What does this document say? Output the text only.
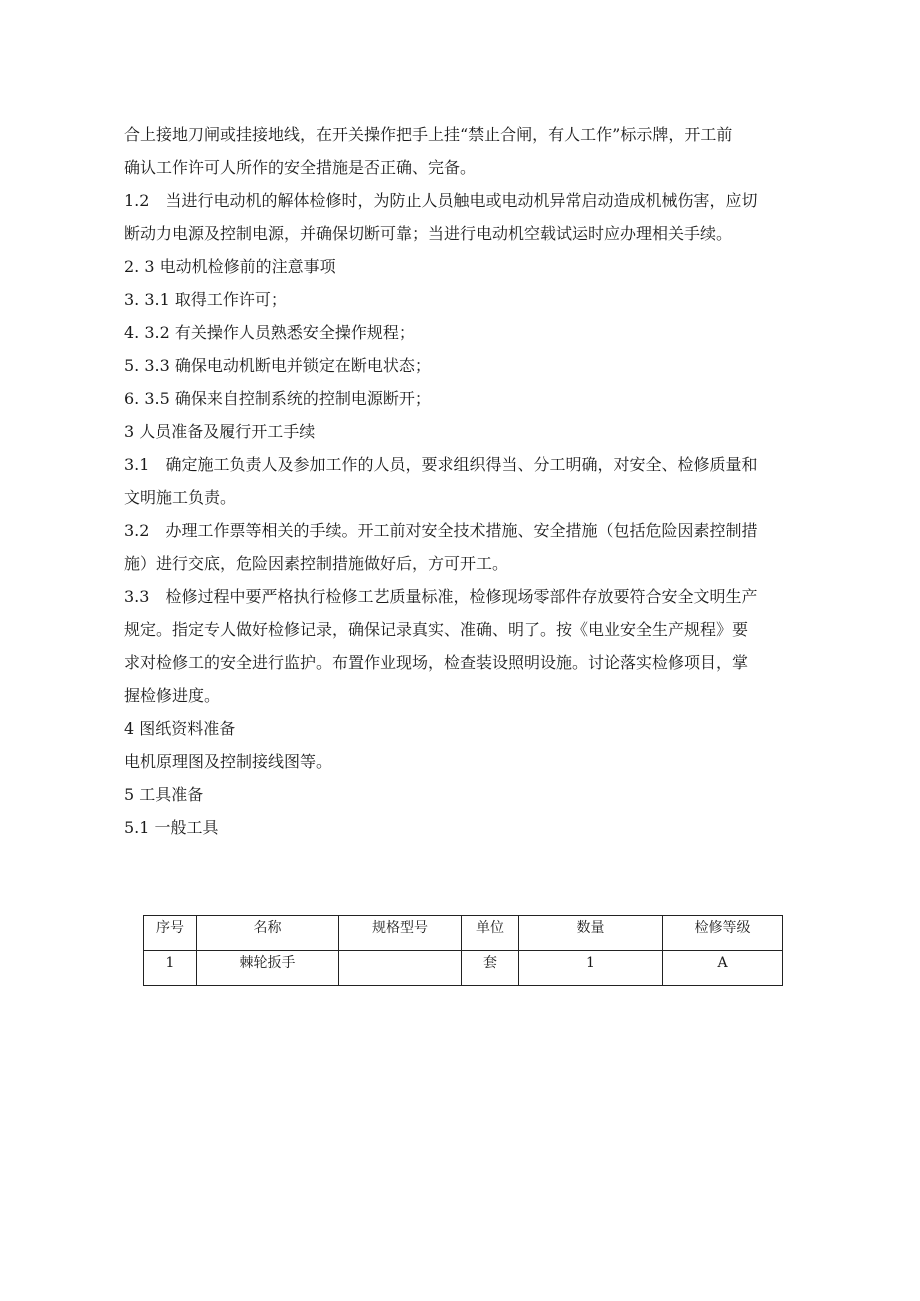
合上接地刀闸或挂接地线，在开关操作把手上挂“禁止合闸，有人工作”标示牌，开工前
确认工作许可人所作的安全措施是否正确、完备。

1.2　当进行电动机的解体检修时，为防止人员触电或电动机异常启动造成机械伤害，应切
断动力电源及控制电源，并确保切断可靠；当进行电动机空载试运时应办理相关手续。

2. 3 电动机检修前的注意事项

3. 3.1 取得工作许可；

4. 3.2 有关操作人员熟悉安全操作规程；

5. 3.3 确保电动机断电并锁定在断电状态；

6. 3.5 确保来自控制系统的控制电源断开；

3 人员准备及履行开工手续

3.1　确定施工负责人及参加工作的人员，要求组织得当、分工明确，对安全、检修质量和
文明施工负责。

3.2　办理工作票等相关的手续。开工前对安全技术措施、安全措施（包括危险因素控制措
施）进行交底，危险因素控制措施做好后，方可开工。

3.3　检修过程中要严格执行检修工艺质量标准，检修现场零部件存放要符合安全文明生产
规定。指定专人做好检修记录，确保记录真实、准确、明了。按《电业安全生产规程》要
求对检修工的安全进行监护。布置作业现场，检查装设照明设施。讨论落实检修项目，掌
握检修进度。

4 图纸资料准备

电机原理图及控制接线图等。

5 工具准备

5.1 一般工具

序号	名称	规格型号	单位	数量	检修等级
1	棘轮扳手		套	1	A
